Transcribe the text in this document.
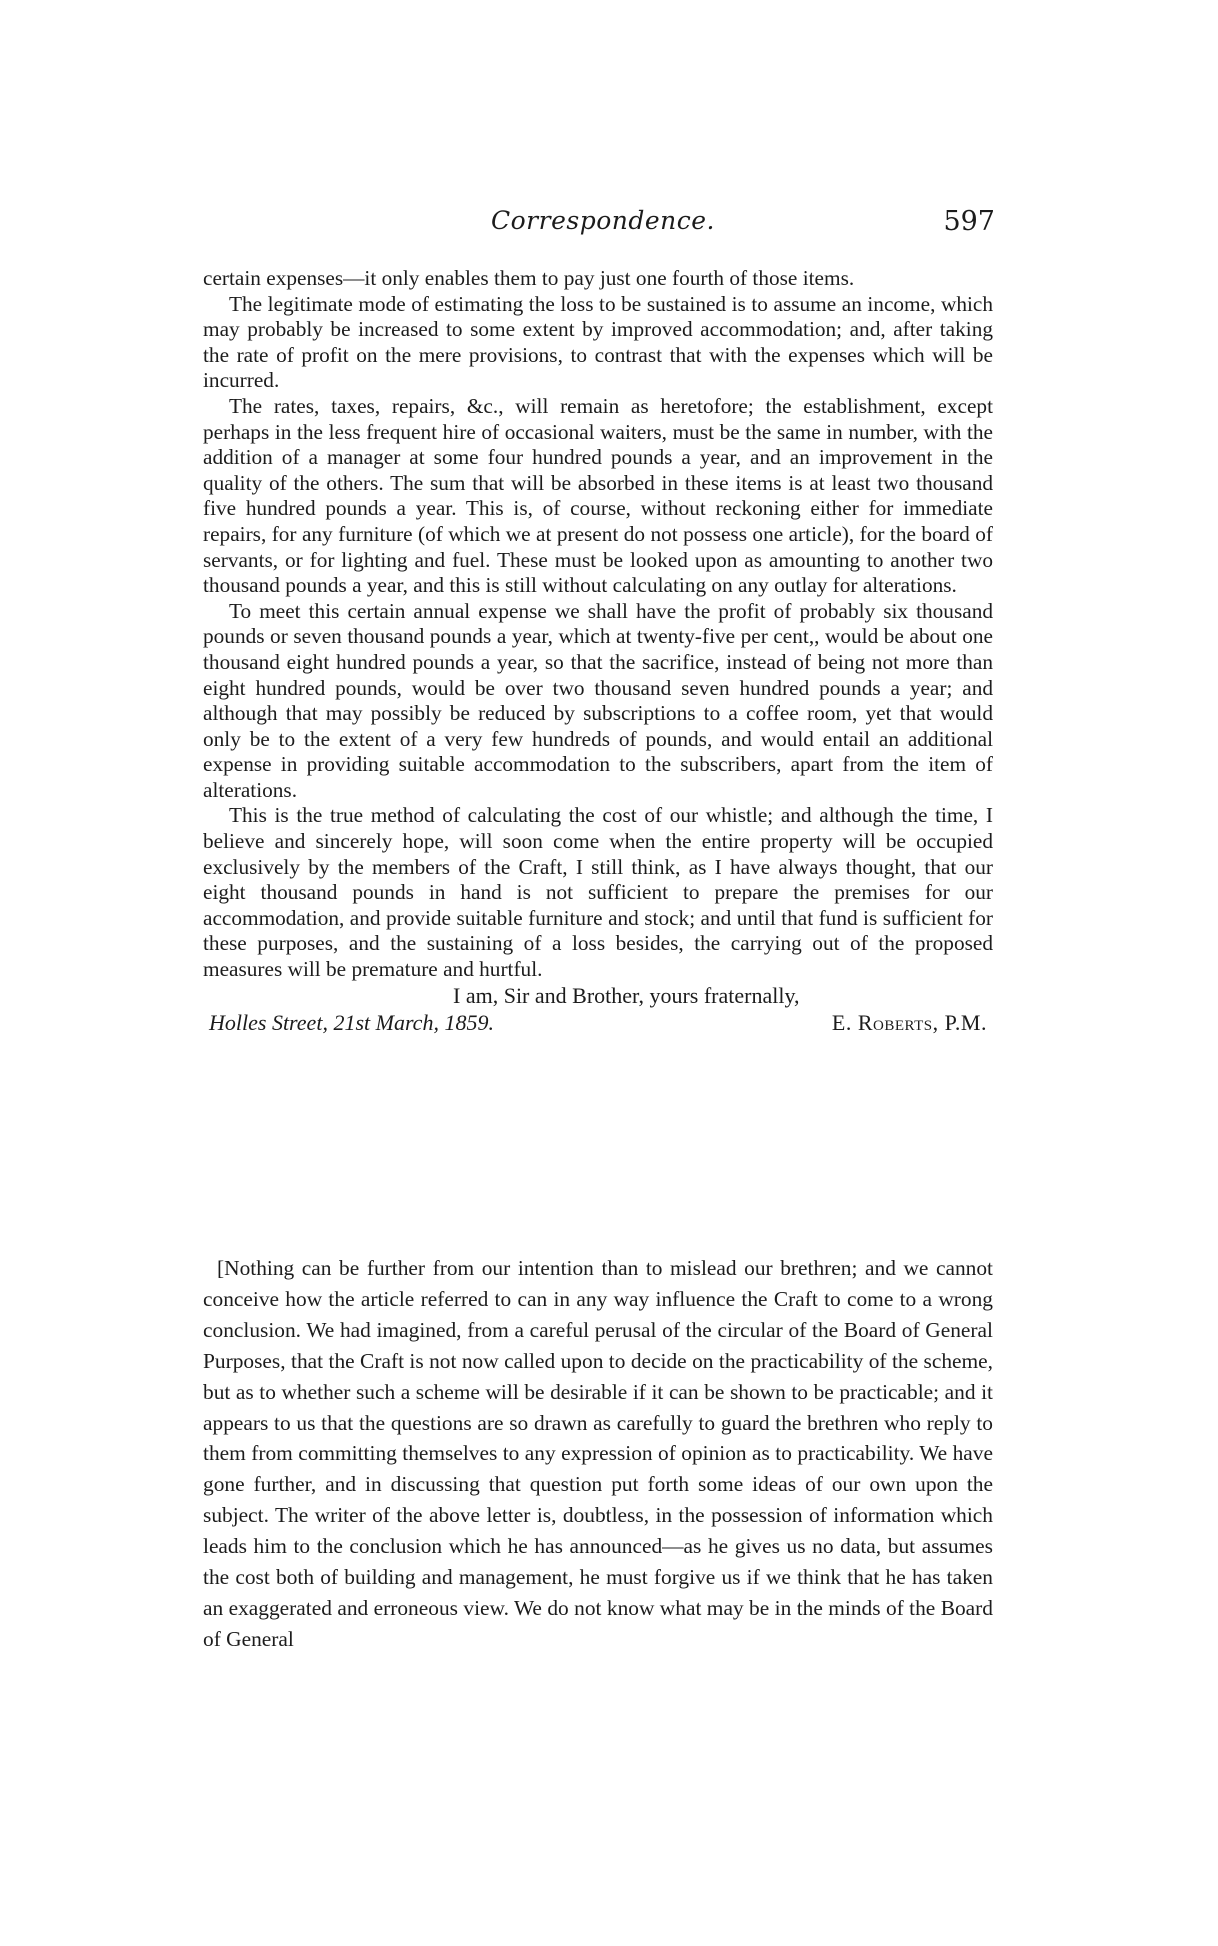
Correspondence.	597

certain expenses—it only enables them to pay just one fourth of those items.

The legitimate mode of estimating the loss to be sustained is to assume an income, which may probably be increased to some extent by improved accommodation; and, after taking the rate of profit on the mere provisions, to contrast that with the expenses which will be incurred.

The rates, taxes, repairs, &c., will remain as heretofore; the establishment, except perhaps in the less frequent hire of occasional waiters, must be the same in number, with the addition of a manager at some four hundred pounds a year, and an improvement in the quality of the others. The sum that will be absorbed in these items is at least two thousand five hundred pounds a year. This is, of course, without reckoning either for immediate repairs, for any furniture (of which we at present do not possess one article), for the board of servants, or for lighting and fuel. These must be looked upon as amounting to another two thousand pounds a year, and this is still without calculating on any outlay for alterations.

To meet this certain annual expense we shall have the profit of probably six thousand pounds or seven thousand pounds a year, which at twenty-five per cent,, would be about one thousand eight hundred pounds a year, so that the sacrifice, instead of being not more than eight hundred pounds, would be over two thousand seven hundred pounds a year; and although that may possibly be reduced by subscriptions to a coffee room, yet that would only be to the extent of a very few hundreds of pounds, and would entail an additional expense in providing suitable accommodation to the subscribers, apart from the item of alterations.

This is the true method of calculating the cost of our whistle; and although the time, I believe and sincerely hope, will soon come when the entire property will be occupied exclusively by the members of the Craft, I still think, as I have always thought, that our eight thousand pounds in hand is not sufficient to prepare the premises for our accommodation, and provide suitable furniture and stock; and until that fund is sufficient for these purposes, and the sustaining of a loss besides, the carrying out of the proposed measures will be premature and hurtful.

I am, Sir and Brother, yours fraternally,

Holles Street, 21st March, 1859.	E. Roberts, P.M.

[Nothing can be further from our intention than to mislead our brethren; and we cannot conceive how the article referred to can in any way influence the Craft to come to a wrong conclusion. We had imagined, from a careful perusal of the circular of the Board of General Purposes, that the Craft is not now called upon to decide on the practicability of the scheme, but as to whether such a scheme will be desirable if it can be shown to be practicable; and it appears to us that the questions are so drawn as carefully to guard the brethren who reply to them from committing themselves to any expression of opinion as to practicability. We have gone further, and in discussing that question put forth some ideas of our own upon the subject. The writer of the above letter is, doubtless, in the possession of information which leads him to the conclusion which he has announced—as he gives us no data, but assumes the cost both of building and management, he must forgive us if we think that he has taken an exaggerated and erroneous view. We do not know what may be in the minds of the Board of General
